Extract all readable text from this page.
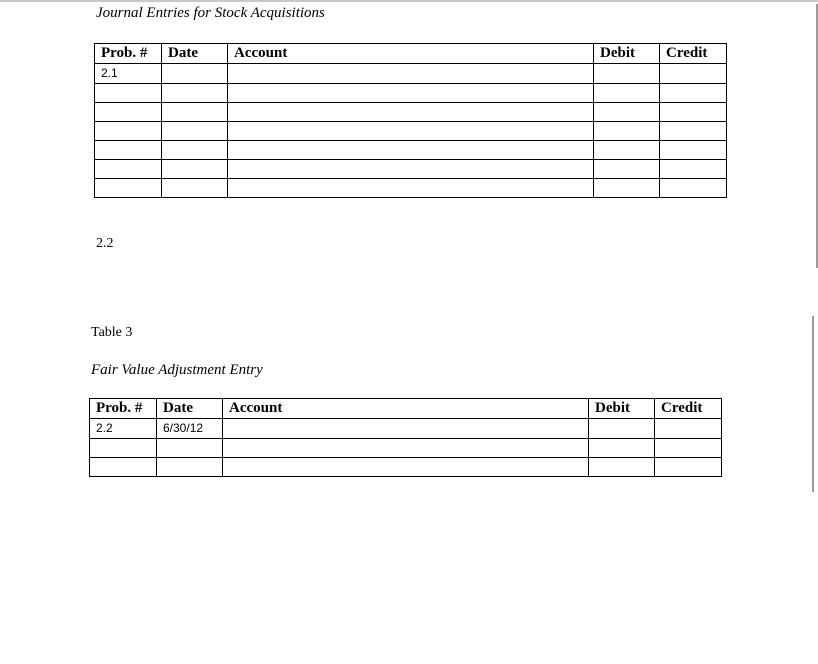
Journal Entries for Stock Acquisitions
Prob. #	Date	Account	Debit	Credit
2.1				

2.2
Table 3
Fair Value Adjustment Entry
Prob. #	Date	Account	Debit	Credit
2.2	6/30/12			
